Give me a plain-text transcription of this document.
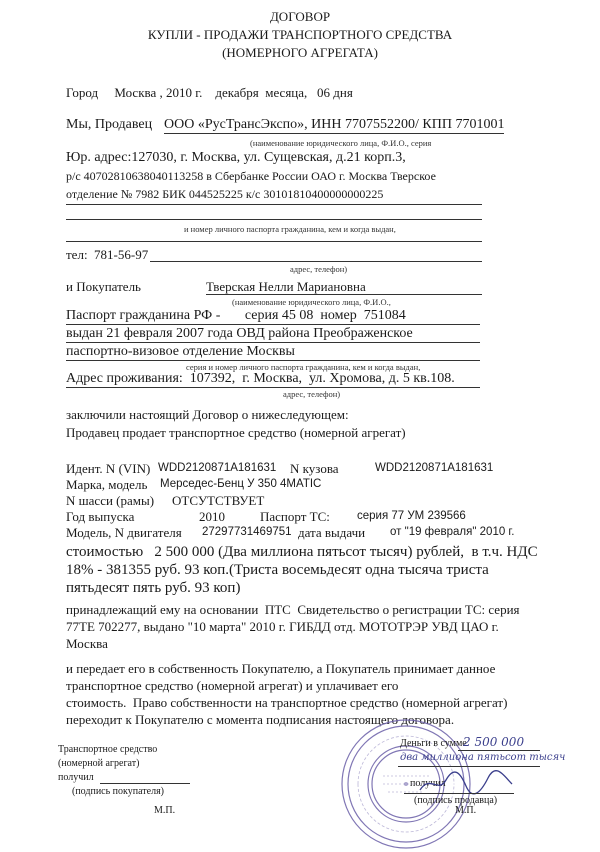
ДОГОВОР
КУПЛИ - ПРОДАЖИ ТРАНСПОРТНОГО СРЕДСТВА
(НОМЕРНОГО АГРЕГАТА)
Город     Москва , 2010 г.    декабря  месяца,   06 дня
Мы, Продавец ООО «РусТрансЭкспо», ИНН 7707552200/ КПП 7701001
(наименование юридического лица, Ф.И.О., серия
Юр. адрес:127030, г. Москва, ул. Сущевская, д.21 корп.3,
р/с 40702810638040113258 в Сбербанке России ОАО г. Москва Тверское
отделение № 7982 БИК 044525225 к/с 30101810400000000225
и номер личного паспорта гражданина, кем и когда выдан,
тел:  781-56-97
адрес, телефон)
и Покупатель	Тверская Нелли Мариановна
(наименование юридического лица, Ф.И.О.,
Паспорт гражданина РФ -       серия 45 08  номер  751084
выдан 21 февраля 2007 года ОВД района Преображенское
паспортно-визовое отделение Москвы
серия и номер личного паспорта гражданина, кем и когда выдан,
Адрес проживания:  107392,  г. Москва,  ул. Хромова, д. 5 кв.108.
адрес, телефон)
заключили настоящий Договор о нижеследующем:
Продавец продает транспортное средство (номерной агрегат)
Идент. N (VIN) WDD2120871A181631 N кузова	WDD2120871A181631
Марка, модель Мерседес-Бенц У 350 4MATIC
N шасси (рамы) ОТСУТСТВУЕТ
Год выпуска	2010	Паспорт ТС: серия 77 УМ 239566
Модель, N двигателя 27297731469751 дата выдачи от "19 февраля" 2010 г.
стоимостью   2 500 000 (Два миллиона пятьсот тысяч) рублей,  в т.ч. НДС
18% - 381355 руб. 93 коп.(Триста восемьдесят одна тысяча триста
пятьдесят пять руб. 93 коп)
принадлежащий ему на основании  ПТС  Свидетельство о регистрации ТС: серия
77ТЕ 702277, выдано "10 марта" 2010 г. ГИБДД отд. МОТОТРЭР УВД ЦАО г.
Москва
и передает его в собственность Покупателю, а Покупатель принимает данное
транспортное средство (номерной агрегат) и уплачивает его
стоимость.  Право собственности на транспортное средство (номерной агрегат)
переходит к Покупателю с момента подписания настоящего договора.
Транспортное средство
(номерной агрегат)
получил
(подпись покупателя)
М.П.
Деньги в сумме
2 500 000
два миллиона пятьсот тысяч
получил
(подпись продавца)
М.П.
